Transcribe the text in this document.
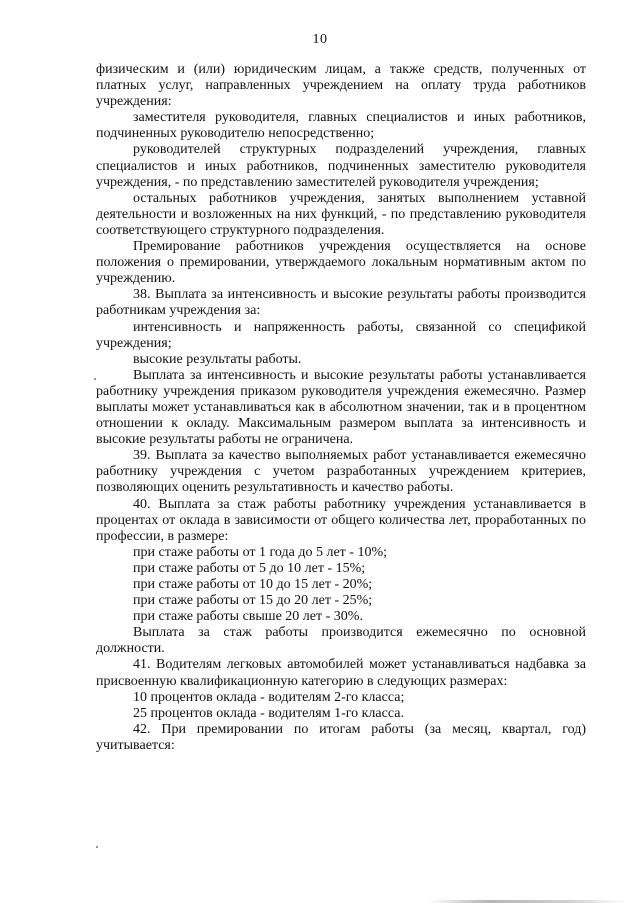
10

физическим и (или) юридическим лицам, а также средств, полученных от платных услуг, направленных учреждением на оплату труда работников учреждения:

заместителя руководителя, главных специалистов и иных работников, подчиненных руководителю непосредственно;

руководителей структурных подразделений учреждения, главных специалистов и иных работников, подчиненных заместителю руководителя учреждения, - по представлению заместителей руководителя учреждения;

остальных работников учреждения, занятых выполнением уставной деятельности и возложенных на них функций, - по представлению руководителя соответствующего структурного подразделения.

Премирование работников учреждения осуществляется на основе положения о премировании, утверждаемого локальным нормативным актом по учреждению.

38. Выплата за интенсивность и высокие результаты работы производится работникам учреждения за:

интенсивность и напряженность работы, связанной со спецификой учреждения;

высокие результаты работы.

Выплата за интенсивность и высокие результаты работы устанавливается работнику учреждения приказом руководителя учреждения ежемесячно. Размер выплаты может устанавливаться как в абсолютном значении, так и в процентном отношении к окладу. Максимальным размером выплата за интенсивность и высокие результаты работы не ограничена.

39. Выплата за качество выполняемых работ устанавливается ежемесячно работнику учреждения с учетом разработанных учреждением критериев, позволяющих оценить результативность и качество работы.

40. Выплата за стаж работы работнику учреждения устанавливается в процентах от оклада в зависимости от общего количества лет, проработанных по профессии, в размере:

при стаже работы от 1 года до 5 лет - 10%;

при стаже работы от 5 до 10 лет - 15%;

при стаже работы от 10 до 15 лет - 20%;

при стаже работы от 15 до 20 лет - 25%;

при стаже работы свыше 20 лет - 30%.

Выплата за стаж работы производится ежемесячно по основной должности.

41. Водителям легковых автомобилей может устанавливаться надбавка за присвоенную квалификационную категорию в следующих размерах:

10 процентов оклада - водителям 2-го класса;

25 процентов оклада - водителям 1-го класса.

42. При премировании по итогам работы (за месяц, квартал, год) учитывается:
